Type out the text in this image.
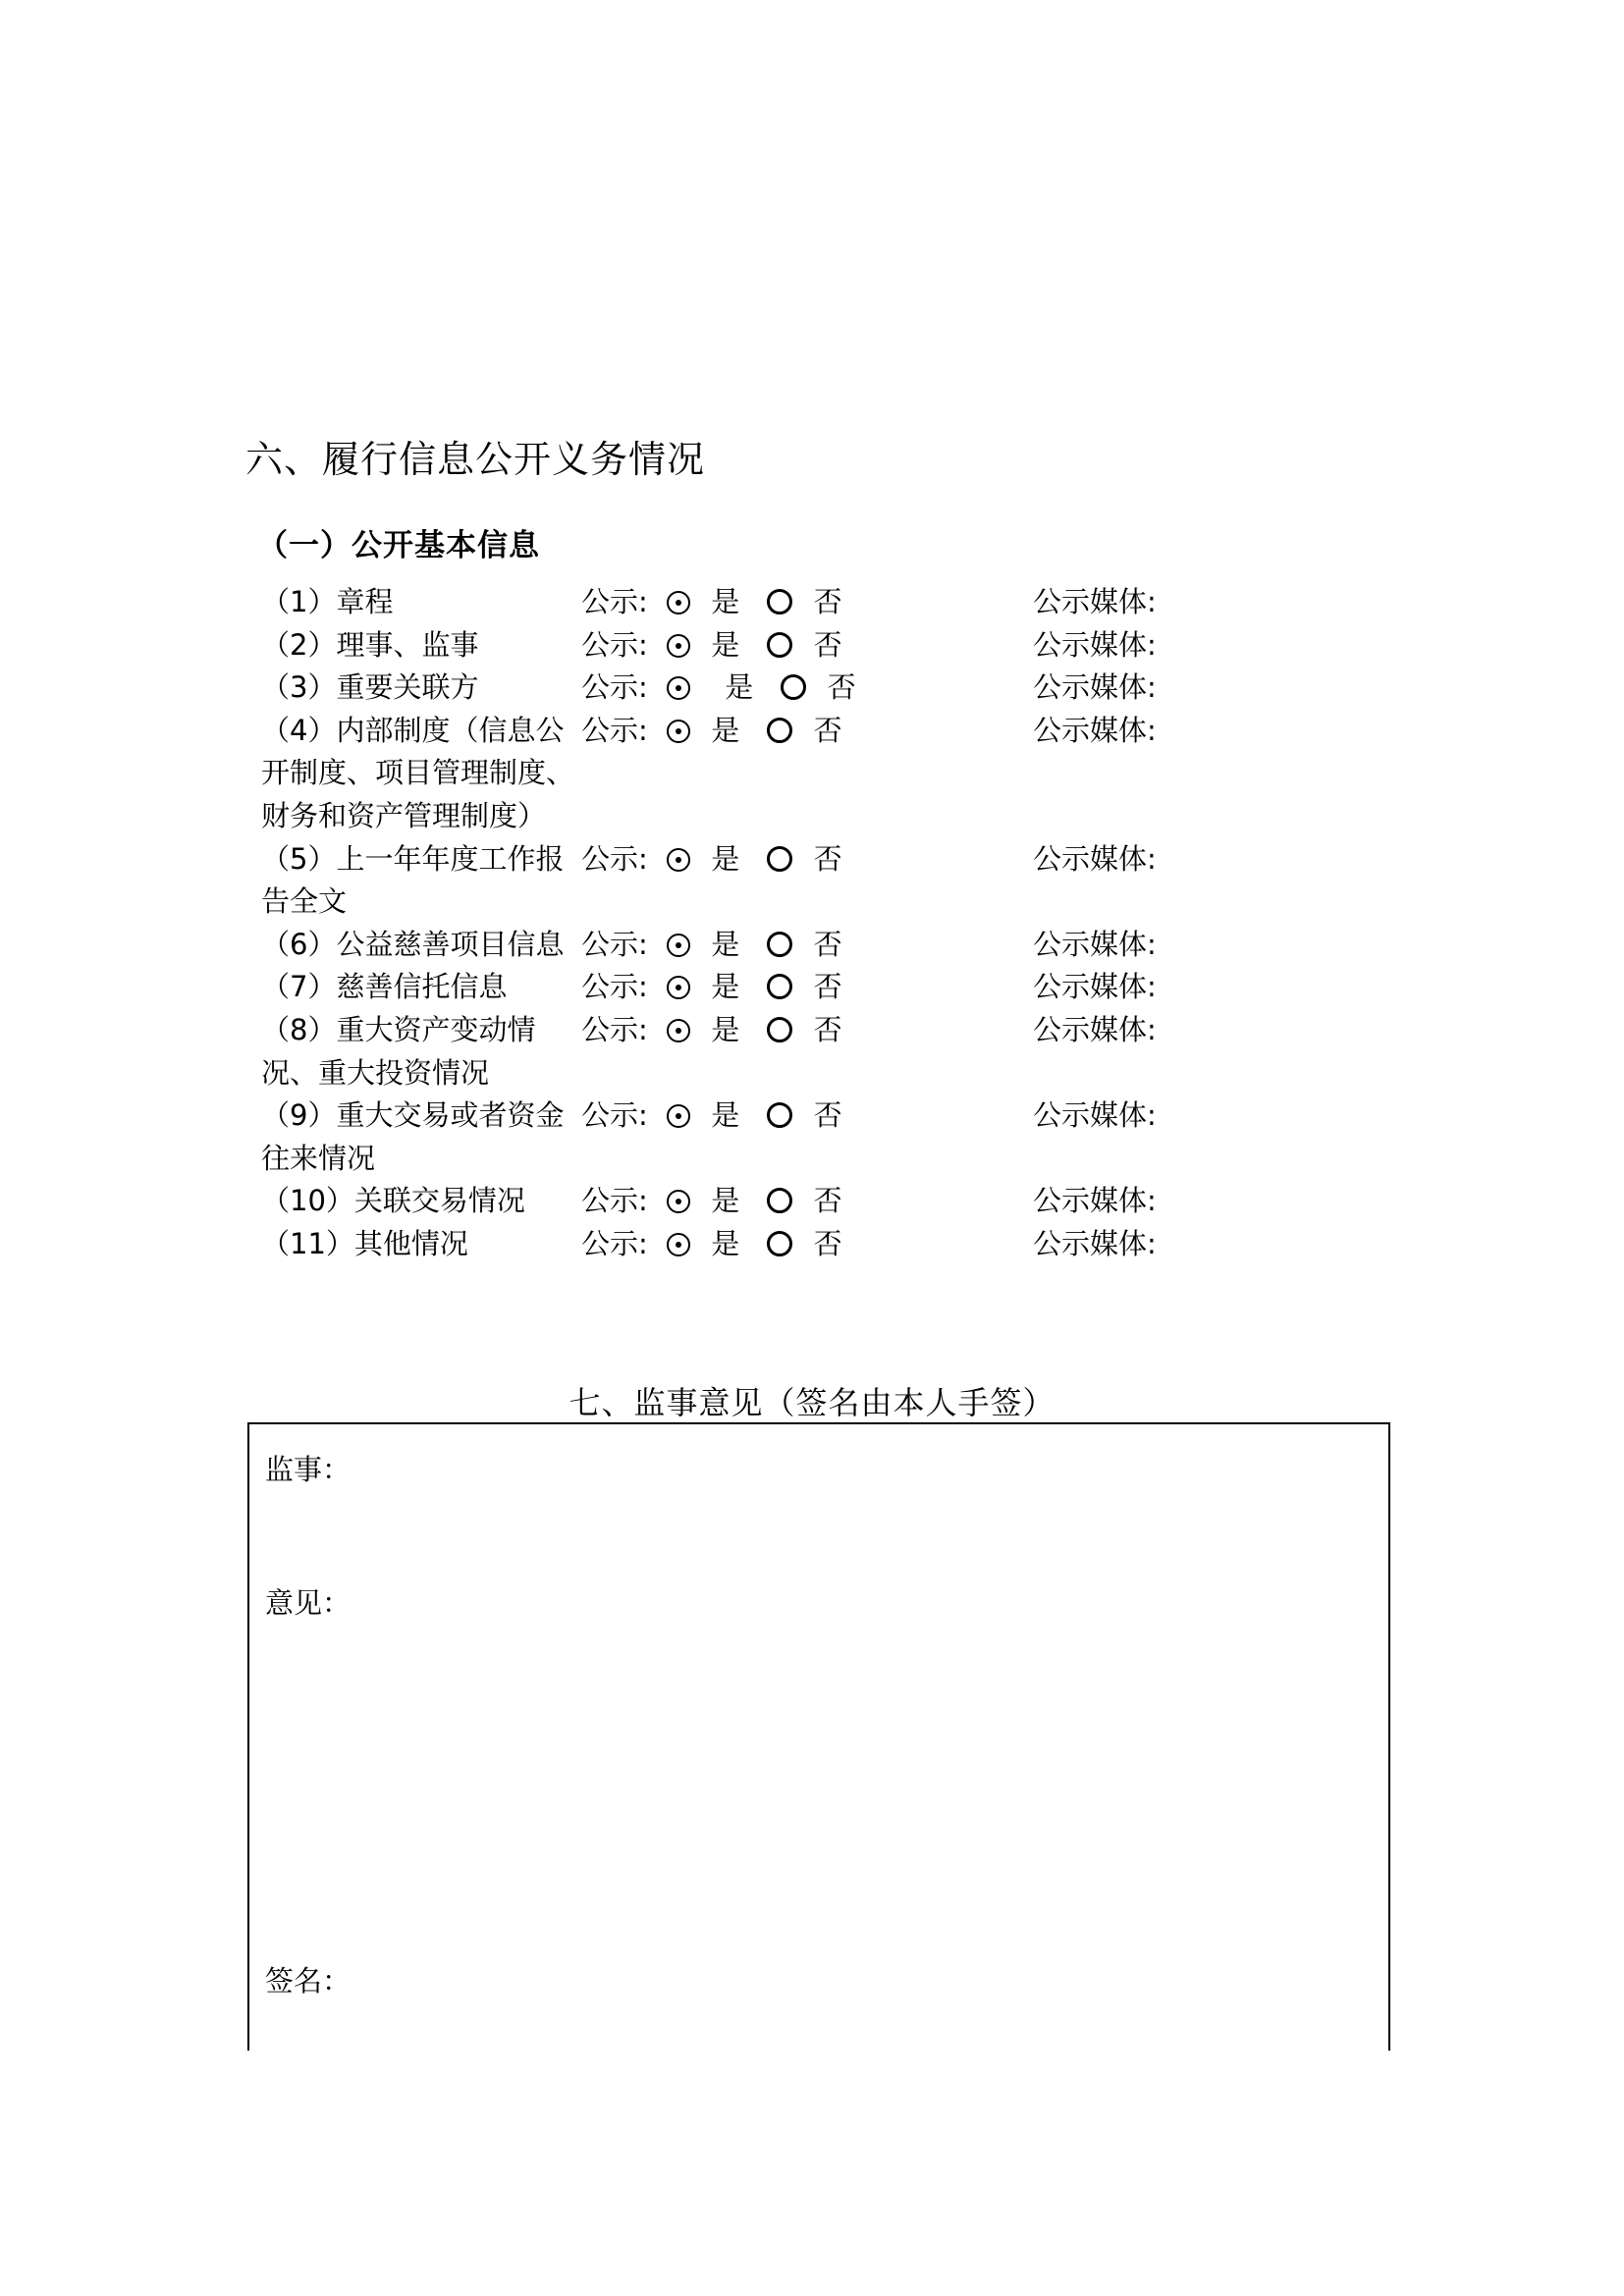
六、履行信息公开义务情况
（一）公开基本信息
（1）章程	公示: 是	否	公示媒体:
（2）理事、监事	公示: 是	否	公示媒体:
（3）重要关联方	公示:	是	否	公示媒体:
（4）内部制度（信息公开制度、项目管理制度、财务和资产管理制度）
公示: 是	否	公示媒体:
（5）上一年年度工作报告全文
公示: 是	否	公示媒体:
（6）公益慈善项目信息 公示: 是	否	公示媒体:
（7）慈善信托信息	公示: 是	否	公示媒体:
（8）重大资产变动情况、重大投资情况
公示: 是	否	公示媒体:
（9）重大交易或者资金往来情况
公示: 是	否	公示媒体:
（10）关联交易情况	公示: 是	否	公示媒体:
（11）其他情况	公示: 是	否	公示媒体:
七、监事意见（签名由本人手签）
监事：
意见：
签名：
